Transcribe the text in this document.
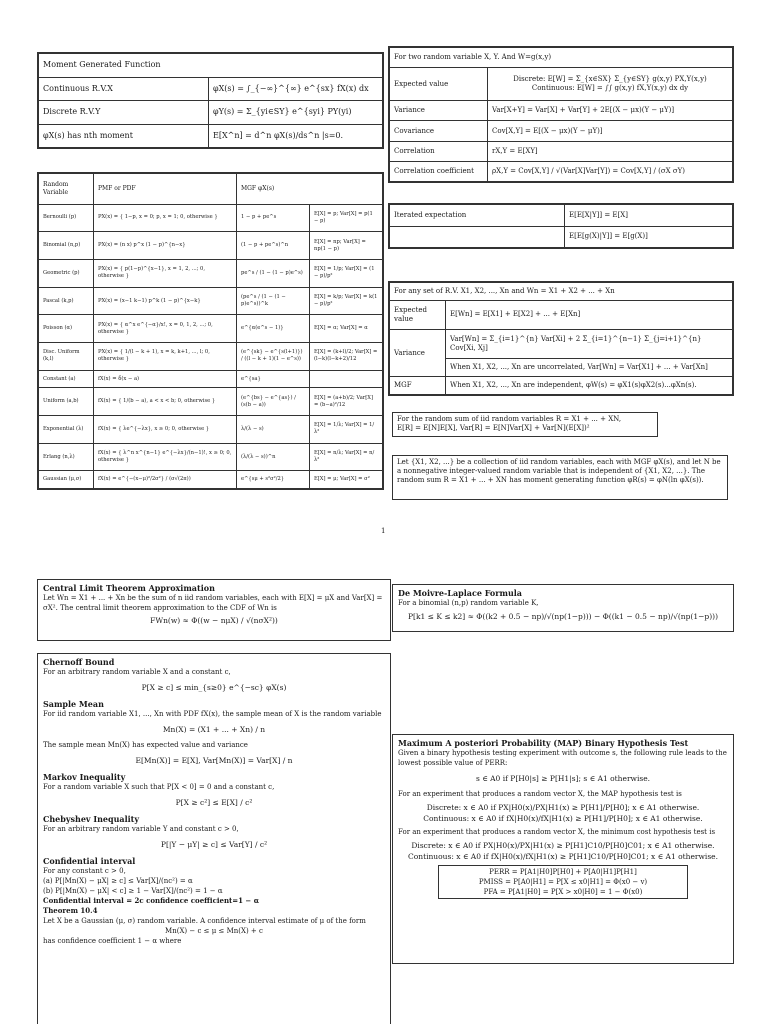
Moment Generated Function	
Continuous R.V.X	φX(s) = ∫_{−∞}^{∞} e^{sx} fX(x) dx
Discrete R.V.Y	φY(s) = Σ_{yi∈SY} e^{syi} PY(yi)
φX(s) has nth moment	E[X^n] = d^n φX(s)/ds^n |s=0.
For two random variable X, Y. And W=g(x,y)	
Expected value	Discrete: E[W] = Σ_{x∈SX} Σ_{y∈SY} g(x,y) PX,Y(x,y)
Continuous: E[W] = ∫∫ g(x,y) fX,Y(x,y) dx dy

Variance	Var[X+Y] = Var[X] + Var[Y] + 2E[(X − μx)(Y − μY)]
Covariance	Cov[X,Y] = E[(X − μx)(Y − μY)]
Correlation	rX,Y = E[XY]
Correlation coefficient	ρX,Y = Cov[X,Y] / √(Var[X]Var[Y]) = Cov[X,Y] / (σX σY)
Random Variable	PMF or PDF	MGF φX(s)	
Bernoulli (p)	PX(x) = { 1−p, x = 0; p, x = 1; 0, otherwise }	1 − p + pe^s	E[X] = p; Var[X] = p(1 − p)
Binomial (n,p)	PX(x) = (n x) p^x (1 − p)^{n−x}	(1 − p + pe^s)^n	E[X] = np; Var[X] = np(1 − p)
Geometric (p)	PX(x) = { p(1−p)^{x−1}, x = 1, 2, ...; 0, otherwise }	pe^s / (1 − (1 − p)e^s)	E[X] = 1/p; Var[X] = (1 − p)/p²
Pascal (k,p)	PX(x) = (x−1 k−1) p^k (1 − p)^{x−k}	(pe^s / (1 − (1 − p)e^s))^k	E[X] = k/p; Var[X] = k(1 − p)/p²
Poisson (α)	PX(x) = { α^x e^{−α}/x!, x = 0, 1, 2, ...; 0, otherwise }	e^{α(e^s − 1)}	E[X] = α; Var[X] = α
Disc. Uniform (k,l)	PX(x) = { 1/(l − k + 1), x = k, k+1, ..., l; 0, otherwise }	(e^{sk} − e^{s(l+1)}) / ((l − k + 1)(1 − e^s))	E[X] = (k+l)/2; Var[X] = (l−k)(l−k+2)/12
Constant (a)	fX(x) = δ(x − a)	e^{sa}	
Uniform (a,b)	fX(x) = { 1/(b − a), a < x < b; 0, otherwise }	(e^{bs} − e^{as}) / (s(b − a))	E[X] = (a+b)/2; Var[X] = (b−a)²/12
Exponential (λ)	fX(x) = { λe^{−λx}, x ≥ 0; 0, otherwise }	λ/(λ − s)	E[X] = 1/λ; Var[X] = 1/λ²
Erlang (n,λ)	fX(x) = { λ^n x^{n−1} e^{−λx}/(n−1)!, x ≥ 0; 0, otherwise }	(λ/(λ − s))^n	E[X] = n/λ; Var[X] = n/λ²
Gaussian (μ,σ)	fX(x) = e^{−(x−μ)²/2σ²} / (σ√(2π))	e^{sμ + s²σ²/2}	E[X] = μ; Var[X] = σ²
Iterated expectation	E[E[X|Y]] = E[X]
	E[E[g(X)|Y]] = E[g(X)]
For any set of R.V. X1, X2, ..., Xn and Wn = X1 + X2 + ... + Xn	
Expected value	E[Wn] = E[X1] + E[X2] + ... + E[Xn]
Variance	Var[Wn] = Σ_{i=1}^{n} Var[Xi] + 2 Σ_{i=1}^{n−1} Σ_{j=i+1}^{n} Cov[Xi, Xj]
	When X1, X2, ..., Xn are uncorrelated, Var[Wn] = Var[X1] + ... + Var[Xn]
MGF	When X1, X2, ..., Xn are independent, φW(s) = φX1(s)φX2(s)...φXn(s).
For the random sum of iid random variables R = X1 + ... + XN,
E[R] = E[N]E[X], Var[R] = E[N]Var[X] + Var[N](E[X])²
Let {X1, X2, ...} be a collection of iid random variables, each with MGF φX(s), and let N be a nonnegative integer-valued random variable that is independent of {X1, X2, ...}. The random sum R = X1 + ... + XN has moment generating function φR(s) = φN(ln φX(s)).
1
Central Limit Theorem Approximation
Let Wn = X1 + ... + Xn be the sum of n iid random variables, each with E[X] = μX and Var[X] = σX². The central limit theorem approximation to the CDF of Wn is
FWn(w) ≈ Φ((w − nμX) / √(nσX²))
De Moivre-Laplace Formula
For a binomial (n,p) random variable K,
P[k1 ≤ K ≤ k2] ≈ Φ((k2 + 0.5 − np)/√(np(1−p))) − Φ((k1 − 0.5 − np)/√(np(1−p)))
Chernoff Bound
For an arbitrary random variable X and a constant c,
P[X ≥ c] ≤ min_{s≥0} e^{−sc} φX(s)
Sample Mean
For iid random variable X1, ..., Xn with PDF fX(x), the sample mean of X is the random variable
Mn(X) = (X1 + ... + Xn) / n
The sample mean Mn(X) has expected value and variance
E[Mn(X)] = E[X], Var[Mn(X)] = Var[X] / n
Markov Inequality
For a random variable X such that P[X < 0] = 0 and a constant c,
P[X ≥ c²] ≤ E[X] / c²
Chebyshev Inequality
For an arbitrary random variable Y and constant c > 0,
P[|Y − μY| ≥ c] ≤ Var[Y] / c²
Confidential interval
For any constant c > 0,
(a) P[|Mn(X) − μX| ≥ c] ≤ Var[X]/(nc²) = α
(b) P[|Mn(X) − μX| < c] ≥ 1 − Var[X]/(nc²) = 1 − α
Confidential interval = 2c confidence coefficient=1 − α
Theorem 10.4
Let X be a Gaussian (μ, σ) random variable. A confidence interval estimate of μ of the form
Mn(X) − c ≤ μ ≤ Mn(X) + c
has confidence coefficient 1 − α where
Maximum A posteriori Probability (MAP) Binary Hypothesis Test
Given a binary hypothesis testing experiment with outcome s, the following rule leads to the lowest possible value of PERR:
s ∈ A0 if P[H0|s] ≥ P[H1|s]; s ∈ A1 otherwise.
For an experiment that produces a random vector X, the MAP hypothesis test is
Discrete: x ∈ A0 if PX|H0(x)/PX|H1(x) ≥ P[H1]/P[H0]; x ∈ A1 otherwise.
Continuous: x ∈ A0 if fX|H0(x)/fX|H1(x) ≥ P[H1]/P[H0]; x ∈ A1 otherwise.
For an experiment that produces a random vector X, the minimum cost hypothesis test is
Discrete: x ∈ A0 if PX|H0(x)/PX|H1(x) ≥ P[H1]C10/P[H0]C01; x ∈ A1 otherwise.
Continuous: x ∈ A0 if fX|H0(x)/fX|H1(x) ≥ P[H1]C10/P[H0]C01; x ∈ A1 otherwise.
PERR = P[A1|H0]P[H0] + P[A0|H1]P[H1]
PMISS = P[A0|H1] = P[X ≤ x0|H1] = Φ(x0 − v)
PFA = P[A1|H0] = P[X > x0|H0] = 1 − Φ(x0)
